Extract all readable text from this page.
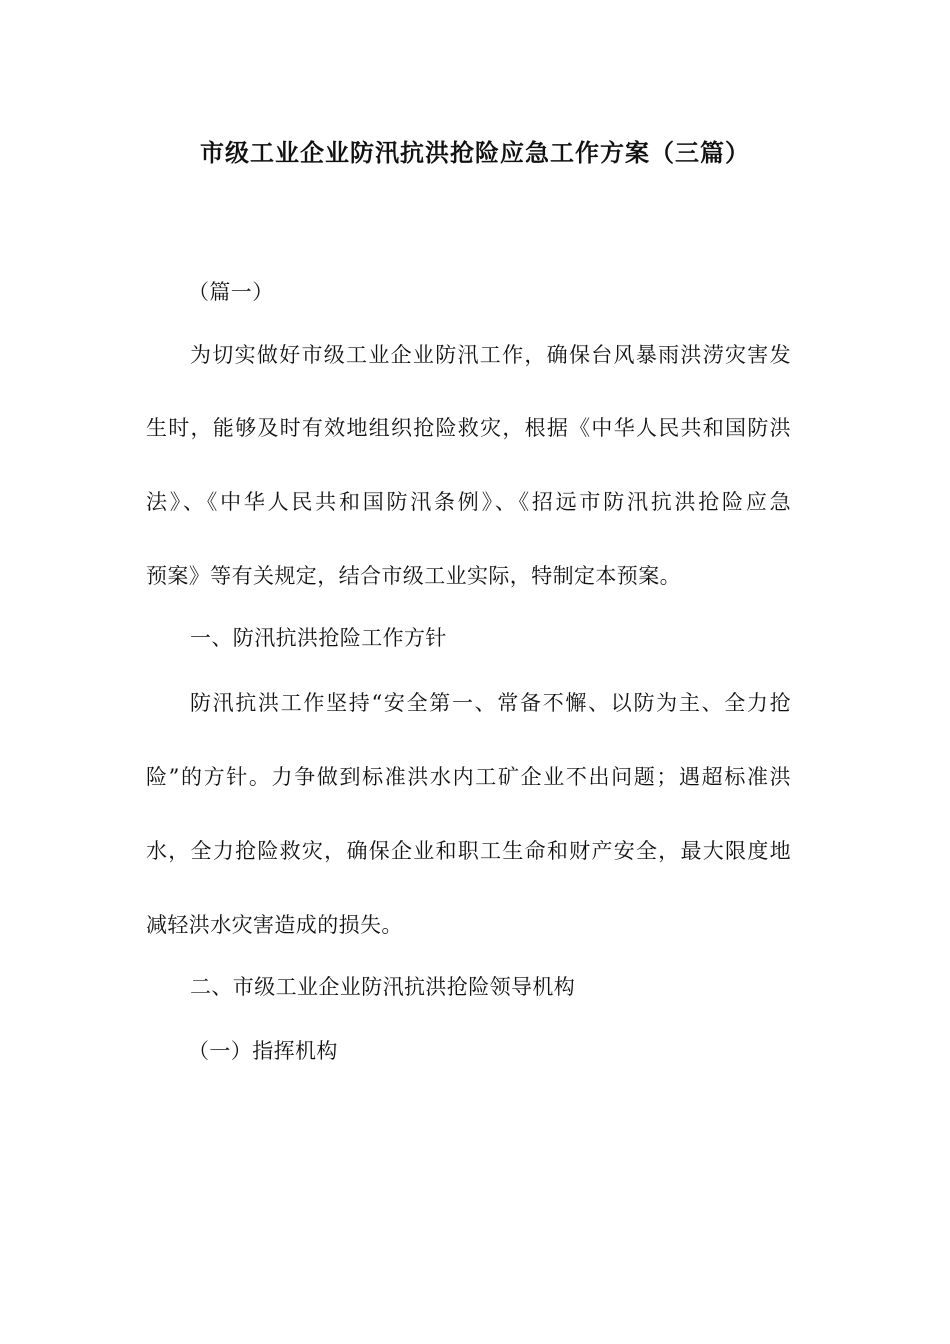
市级工业企业防汛抗洪抢险应急工作方案（三篇）
（篇一）
为切实做好市级工业企业防汛工作，确保台风暴雨洪涝灾害发
生时，能够及时有效地组织抢险救灾，根据《中华人民共和国防洪
法》、《中华人民共和国防汛条例》、《招远市防汛抗洪抢险应急
预案》等有关规定，结合市级工业实际，特制定本预案。
一、防汛抗洪抢险工作方针
防汛抗洪工作坚持“安全第一、常备不懈、以防为主、全力抢
险”的方针。力争做到标准洪水内工矿企业不出问题；遇超标准洪
水，全力抢险救灾，确保企业和职工生命和财产安全，最大限度地
减轻洪水灾害造成的损失。
二、市级工业企业防汛抗洪抢险领导机构
（一）指挥机构
